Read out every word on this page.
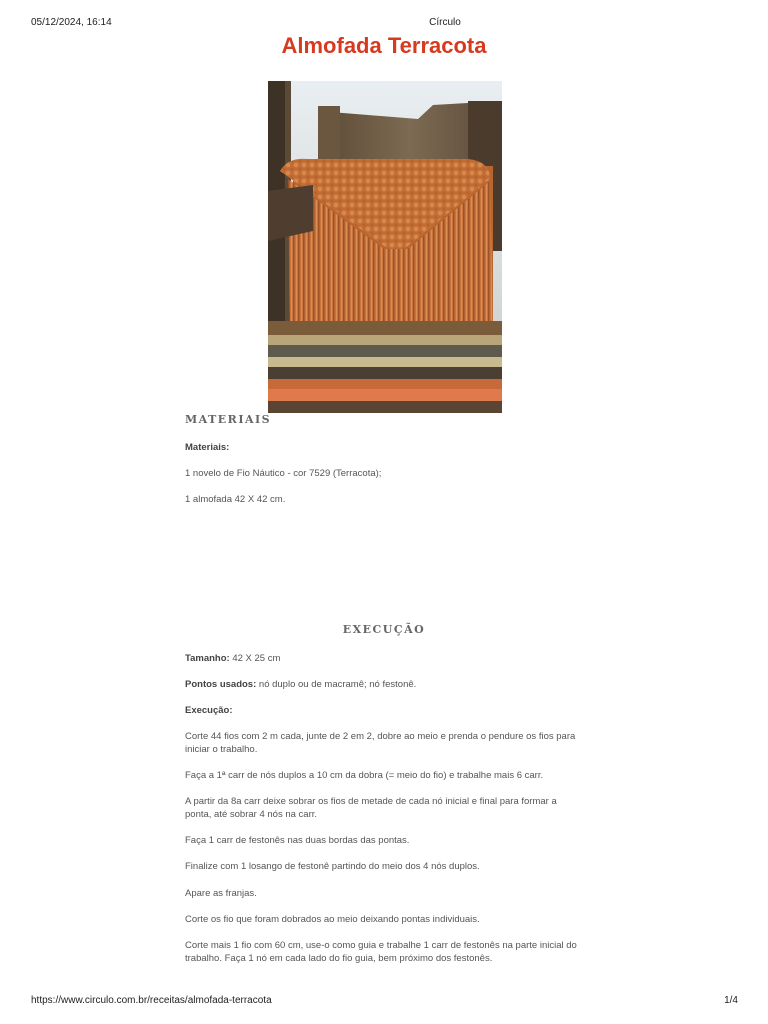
05/12/2024, 16:14	Círculo
Almofada Terracota
MATERIAIS

Materiais:

1 novelo de Fio Náutico - cor 7529 (Terracota);

1 almofada 42 X 42 cm.

EXECUÇÃO

Tamanho: 42 X 25 cm

Pontos usados: nó duplo ou de macramê; nó festonê.

Execução:

Corte 44 fios com 2 m cada, junte de 2 em 2, dobre ao meio e prenda o pendure os fios para iniciar o trabalho.

Faça a 1ª carr de nós duplos a 10 cm da dobra (= meio do fio) e trabalhe mais 6 carr.

A partir da 8a carr deixe sobrar os fios de metade de cada nó inicial e final para formar a ponta, até sobrar 4 nós na carr.

Faça 1 carr de festonês nas duas bordas das pontas.

Finalize com 1 losango de festonê partindo do meio dos 4 nós duplos.

Apare as franjas.

Corte os fio que foram dobrados ao meio deixando pontas individuais.

Corte mais 1 fio com 60 cm, use-o como guia e trabalhe 1 carr de festonês na parte inicial do trabalho. Faça 1 nó em cada lado do fio guia, bem próximo dos festonês.

https://www.circulo.com.br/receitas/almofada-terracota	1/4
